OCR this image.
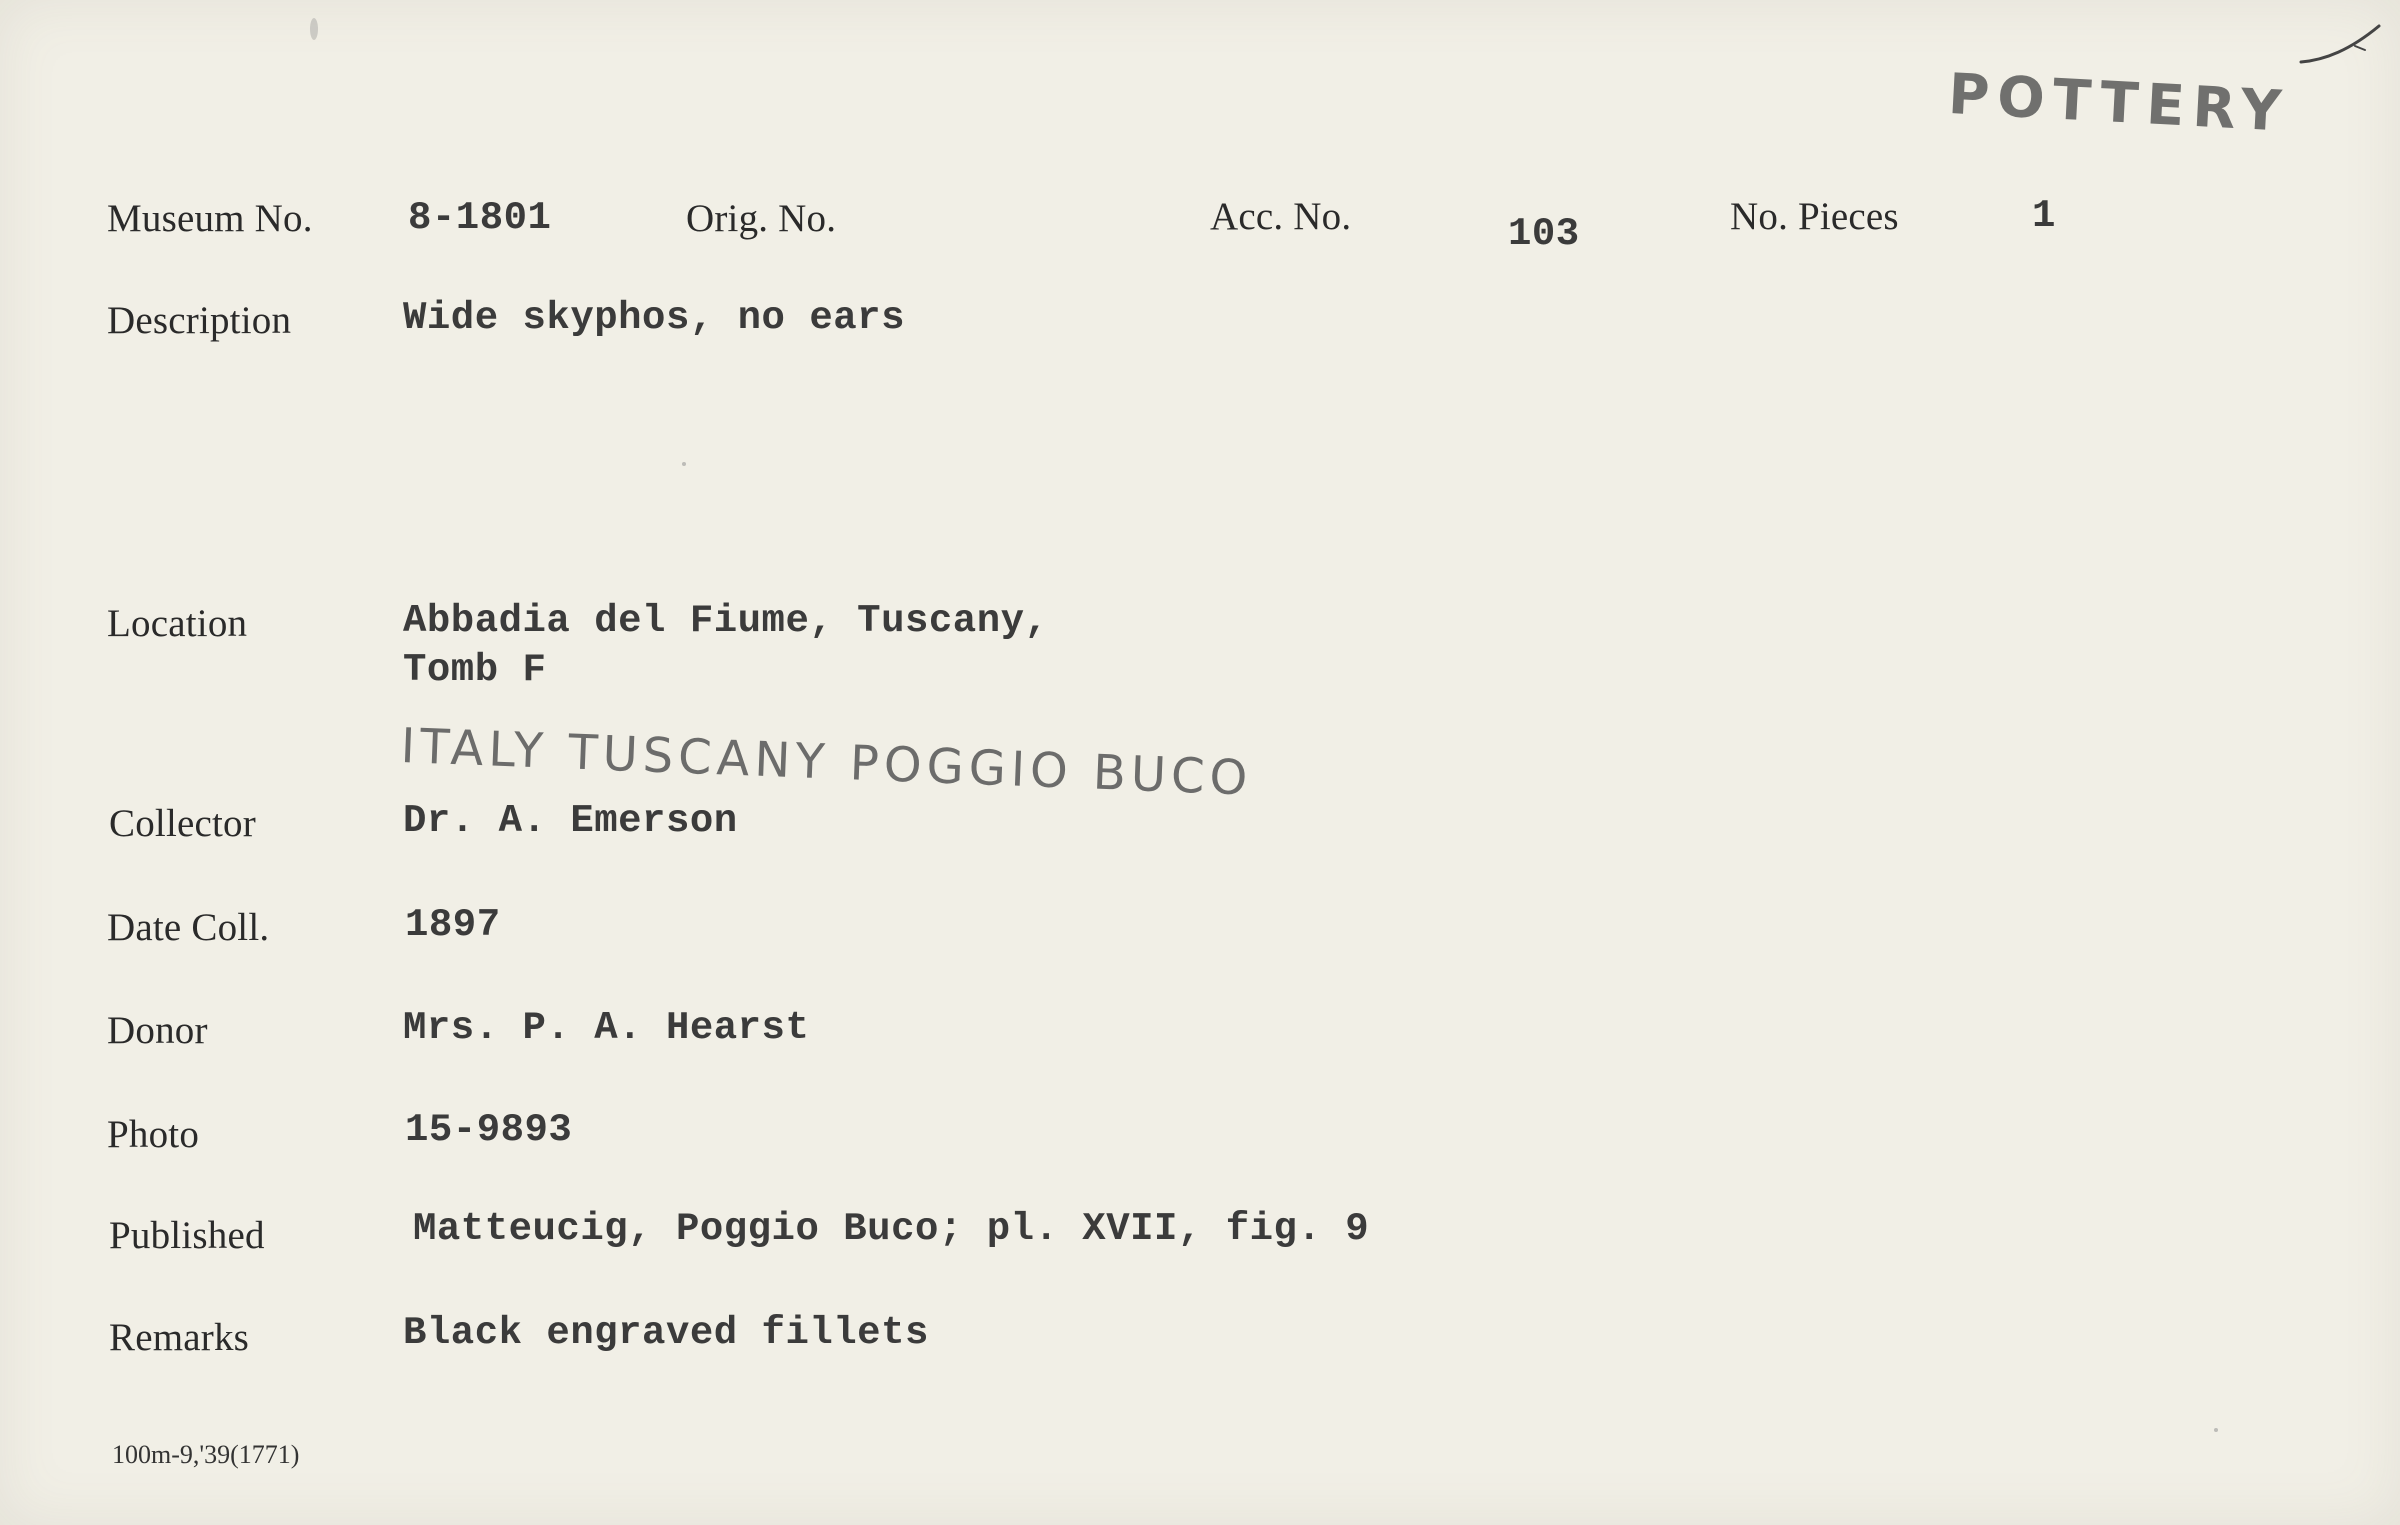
POTTERY
Museum No. 8-1801	Orig. No.	Acc. No.	103	No. Pieces	1
Description	Wide skyphos, no ears
Location	Abbadia del Fiume, Tuscany,
Tomb F
ITALY TUSCANY POGGIO BUCO
Collector	Dr. A. Emerson
Date Coll.	1897
Donor	Mrs. P. A. Hearst
Photo	15-9893
Published	Matteucig, Poggio Buco; pl. XVII, fig. 9
Remarks	Black engraved fillets
100m-9,'39(1771)
